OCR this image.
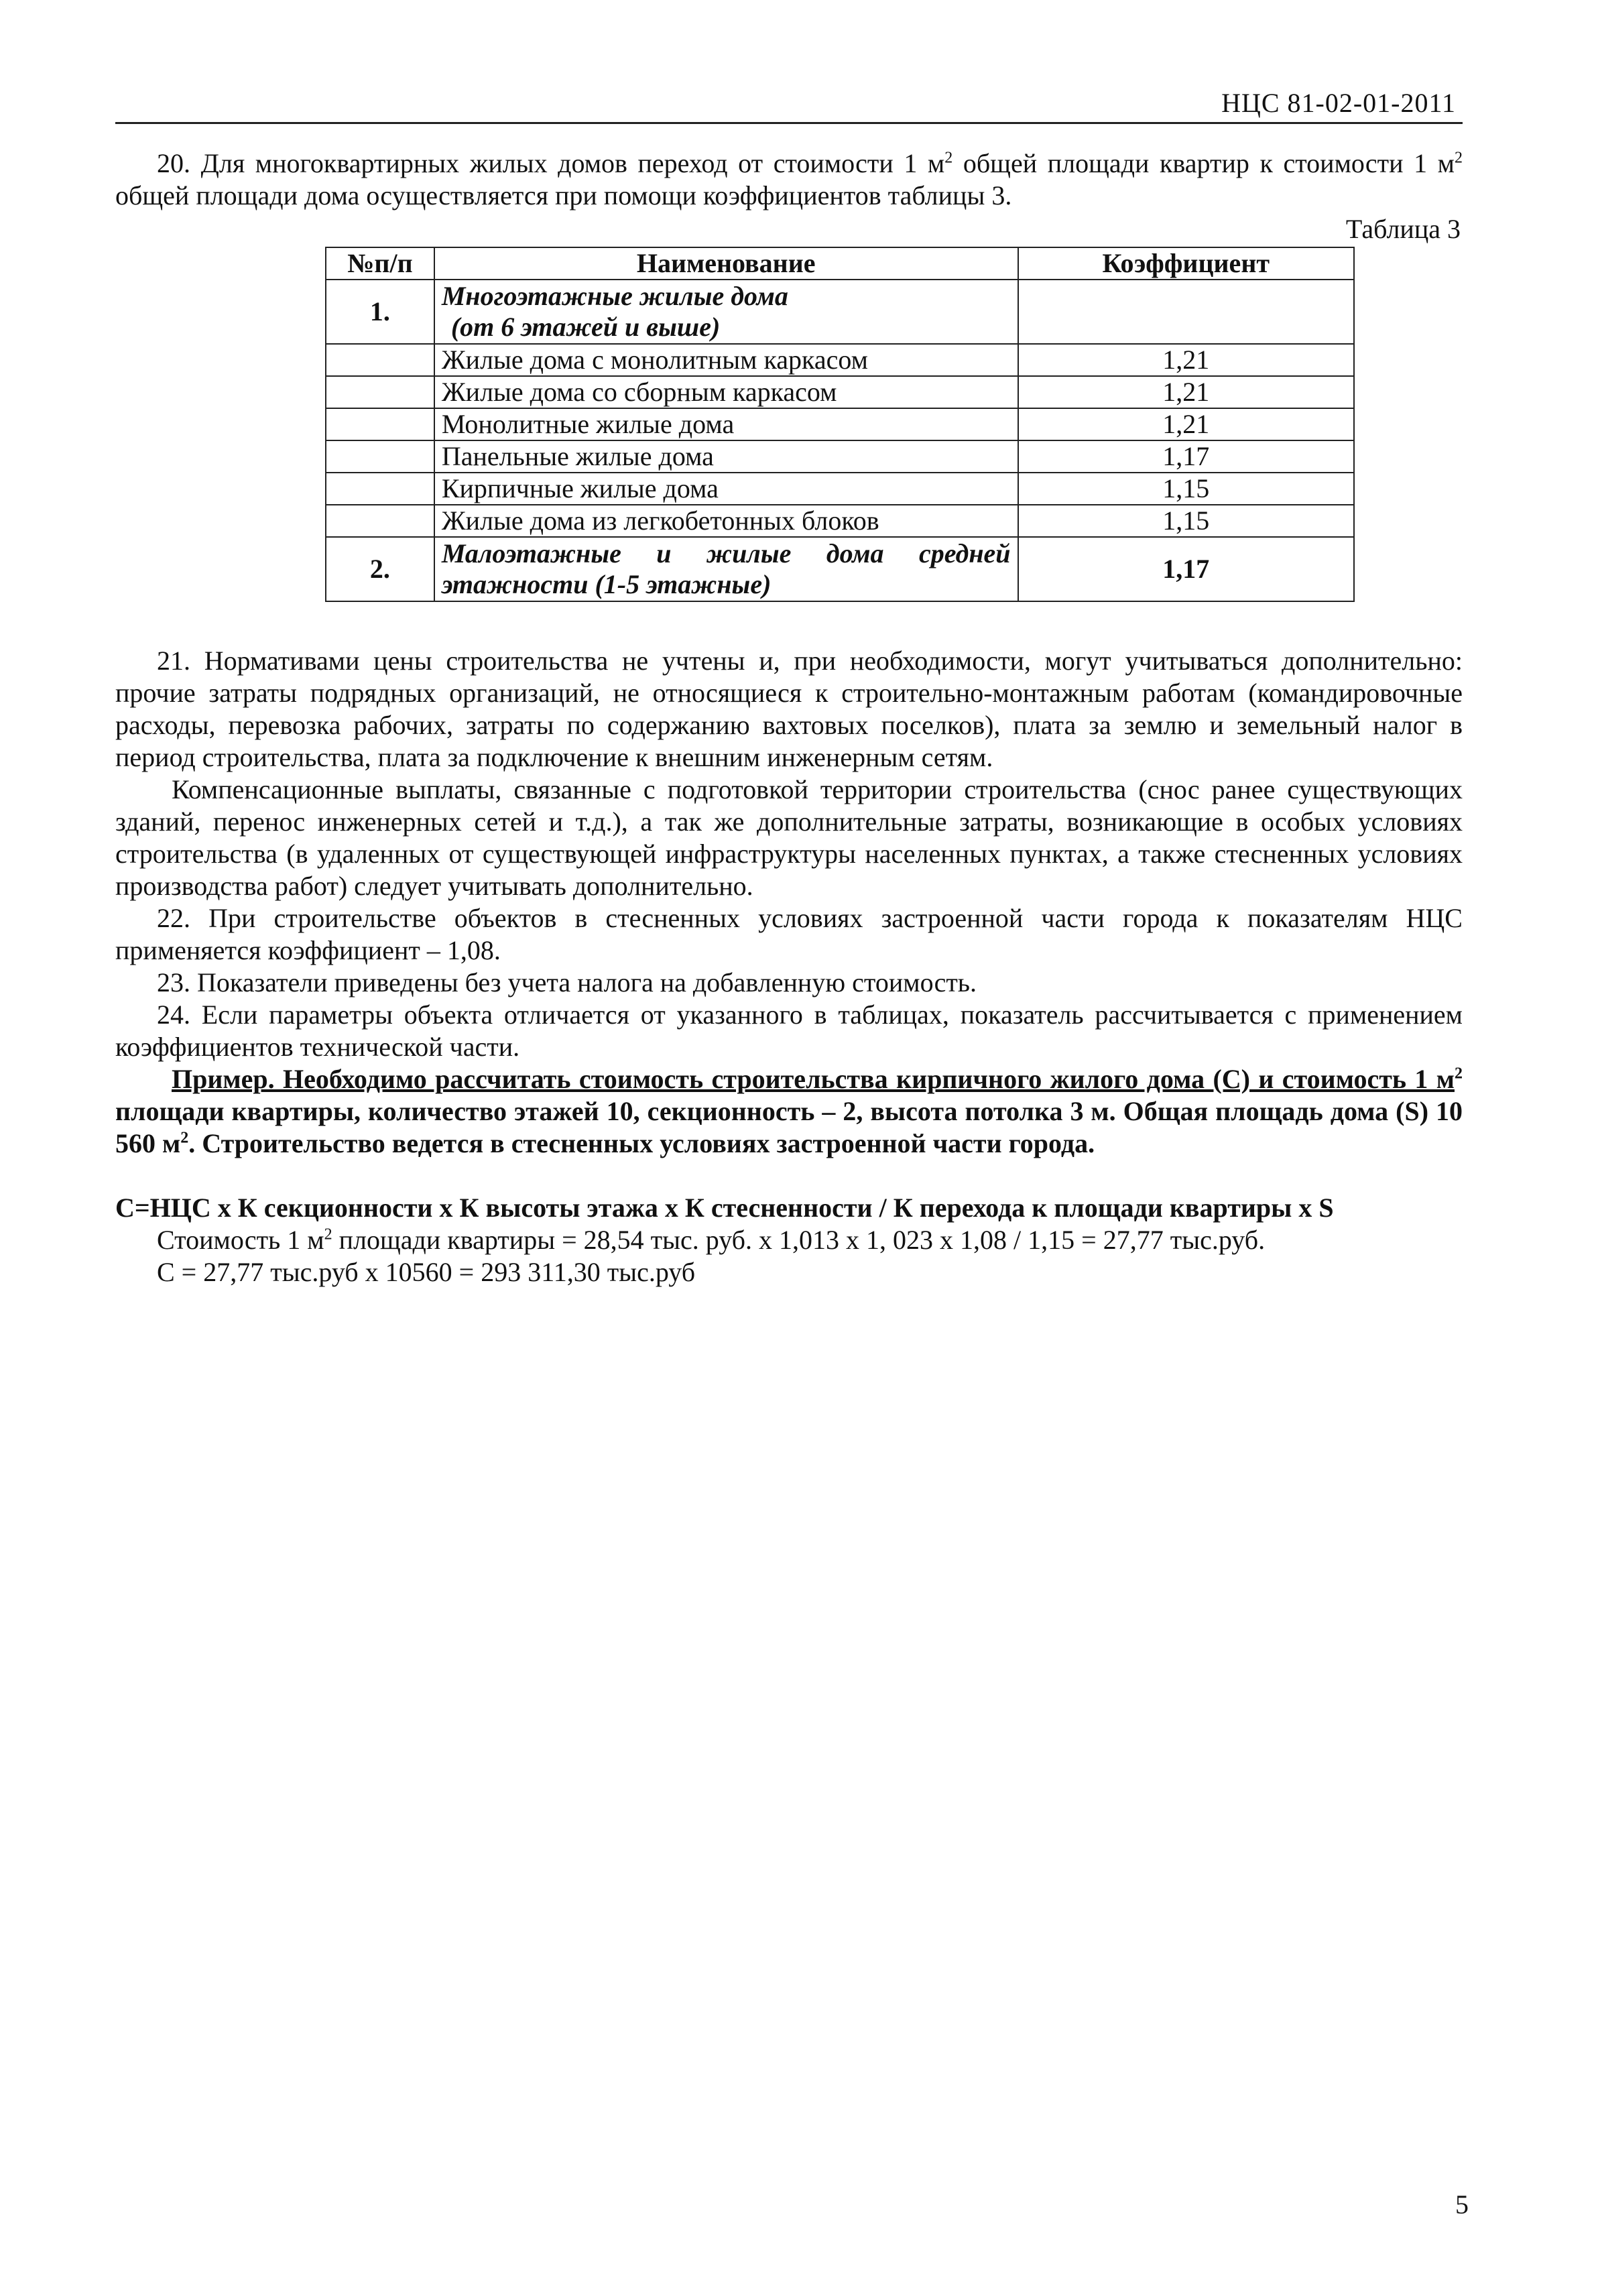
НЦС 81-02-01-2011
20. Для многоквартирных жилых домов переход от стоимости 1 $м^2$ общей площади квартир к стоимости 1 $м^2$ общей площади дома осуществляется при помощи коэффициентов таблицы 3.
Таблица 3
№п/п	Наименование	Коэффициент
1.	Многоэтажные жилые дома
(от 6 этажей и выше)	

	Жилые дома с монолитным каркасом	1,21
	Жилые дома со сборным каркасом	1,21
	Монолитные жилые дома	1,21
	Панельные жилые дома	1,17
	Кирпичные жилые дома	1,15
	Жилые дома из легкобетонных блоков	1,15
2.	Малоэтажные и жилые дома средней этажности (1-5 этажные)	1,17
21. Нормативами цены строительства не учтены и, при необходимости, могут учитываться дополнительно: прочие затраты подрядных организаций, не относящиеся к строительно-монтажным работам (командировочные расходы, перевозка рабочих, затраты по содержанию вахтовых поселков), плата за землю и земельный налог в период строительства, плата за подключение к внешним инженерным сетям.
Компенсационные выплаты, связанные с подготовкой территории строительства (снос ранее существующих зданий, перенос инженерных сетей и т.д.), а так же дополнительные затраты, возникающие в особых условиях строительства (в удаленных от существующей инфраструктуры населенных пунктах, а также стесненных условиях производства работ) следует учитывать дополнительно.
22. При строительстве объектов в стесненных условиях застроенной части города к показателям НЦС применяется коэффициент – 1,08.
23. Показатели приведены без учета налога на добавленную стоимость.
24. Если параметры объекта отличается от указанного в таблицах, показатель рассчитывается с применением коэффициентов технической части.
Пример. Необходимо рассчитать стоимость строительства кирпичного жилого дома (С) и стоимость 1 $м^2$ площади квартиры, количество этажей 10, секционность – 2, высота потолка 3 м. Общая площадь дома (S) 10 560 $м^2$. Строительство ведется в стесненных условиях застроенной части города.
С=НЦС х К секционности х К высоты этажа х К стесненности / К перехода к площади квартиры х S
Стоимость 1 $м^2$ площади квартиры = 28,54 тыс. руб. х 1,013 х 1, 023 х 1,08 / 1,15 = 27,77 тыс.руб.
С = 27,77 тыс.руб х 10560 = 293 311,30 тыс.руб
5
